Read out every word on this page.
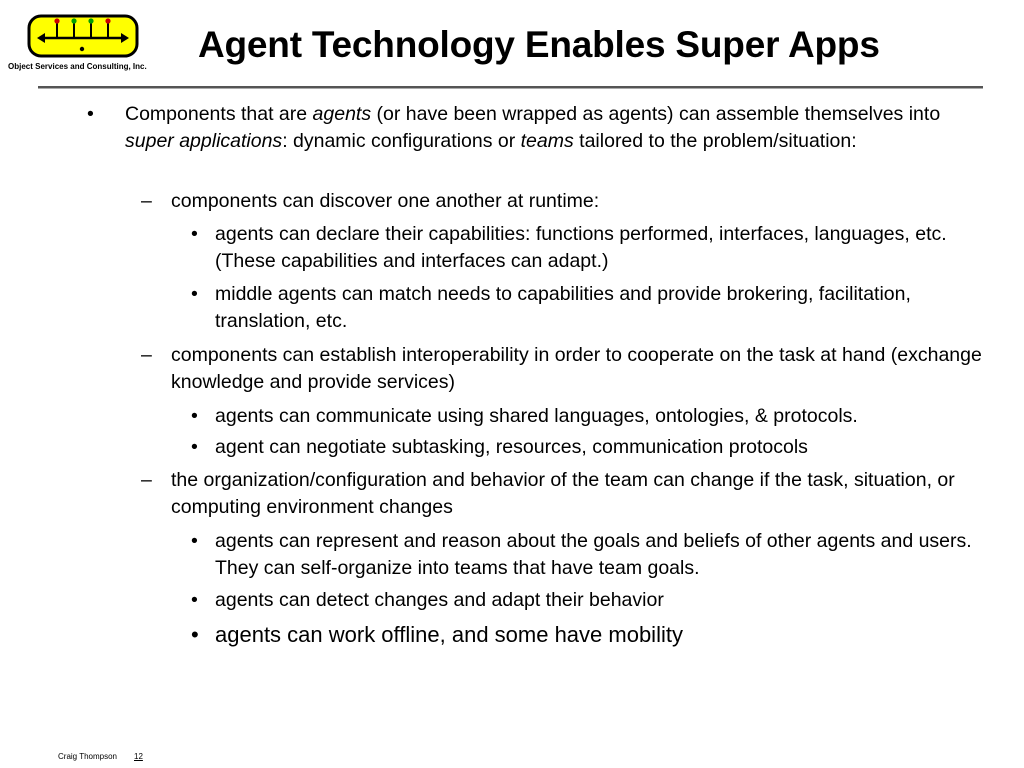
Object Services and Consulting, Inc.
Agent Technology Enables Super Apps
• Components that are agents (or have been wrapped as agents) can assemble themselves into super applications: dynamic configurations or teams tailored to the problem/situation:
– components can discover one another at runtime:
• agents can declare their capabilities: functions performed, interfaces, languages, etc. (These capabilities and interfaces can adapt.)
• middle agents can match needs to capabilities and provide brokering, facilitation, translation, etc.
– components can establish interoperability in order to cooperate on the task at hand (exchange knowledge and provide services)
• agents can communicate using shared languages, ontologies, & protocols.
• agent can negotiate subtasking, resources, communication protocols
– the organization/configuration and behavior of the team can change if the task, situation, or computing environment changes
• agents can represent and reason about the goals and beliefs of other agents and users. They can self-organize into teams that have team goals.
• agents can detect changes and adapt their behavior
• agents can work offline, and some have mobility
Craig Thompson 12
